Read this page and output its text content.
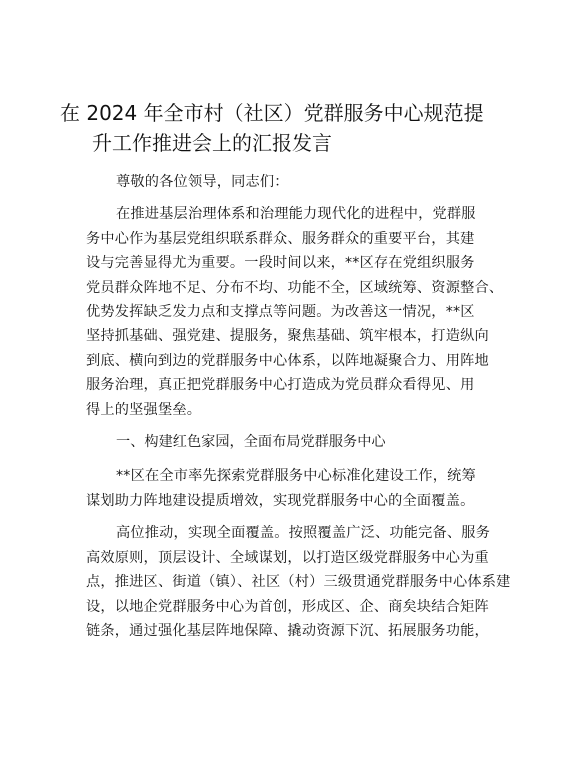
在 2024 年全市村（社区）党群服务中心规范提
升工作推进会上的汇报发言

尊敬的各位领导，同志们：

在推进基层治理体系和治理能力现代化的进程中，党群服
务中心作为基层党组织联系群众、服务群众的重要平台，其建
设与完善显得尤为重要。一段时间以来，**区存在党组织服务
党员群众阵地不足、分布不均、功能不全，区域统筹、资源整合、
优势发挥缺乏发力点和支撑点等问题。为改善这一情况，**区
坚持抓基础、强党建、提服务，聚焦基础、筑牢根本，打造纵向
到底、横向到边的党群服务中心体系，以阵地凝聚合力、用阵地
服务治理，真正把党群服务中心打造成为党员群众看得见、用
得上的坚强堡垒。

一、构建红色家园，全面布局党群服务中心

**区在全市率先探索党群服务中心标准化建设工作，统筹
谋划助力阵地建设提质增效，实现党群服务中心的全面覆盖。

高位推动，实现全面覆盖。按照覆盖广泛、功能完备、服务
高效原则，顶层设计、全域谋划，以打造区级党群服务中心为重
点，推进区、街道（镇）、社区（村）三级贯通党群服务中心体系建
设，以地企党群服务中心为首创，形成区、企、商矣块结合矩阵
链条，通过强化基层阵地保障、撬动资源下沉、拓展服务功能，
